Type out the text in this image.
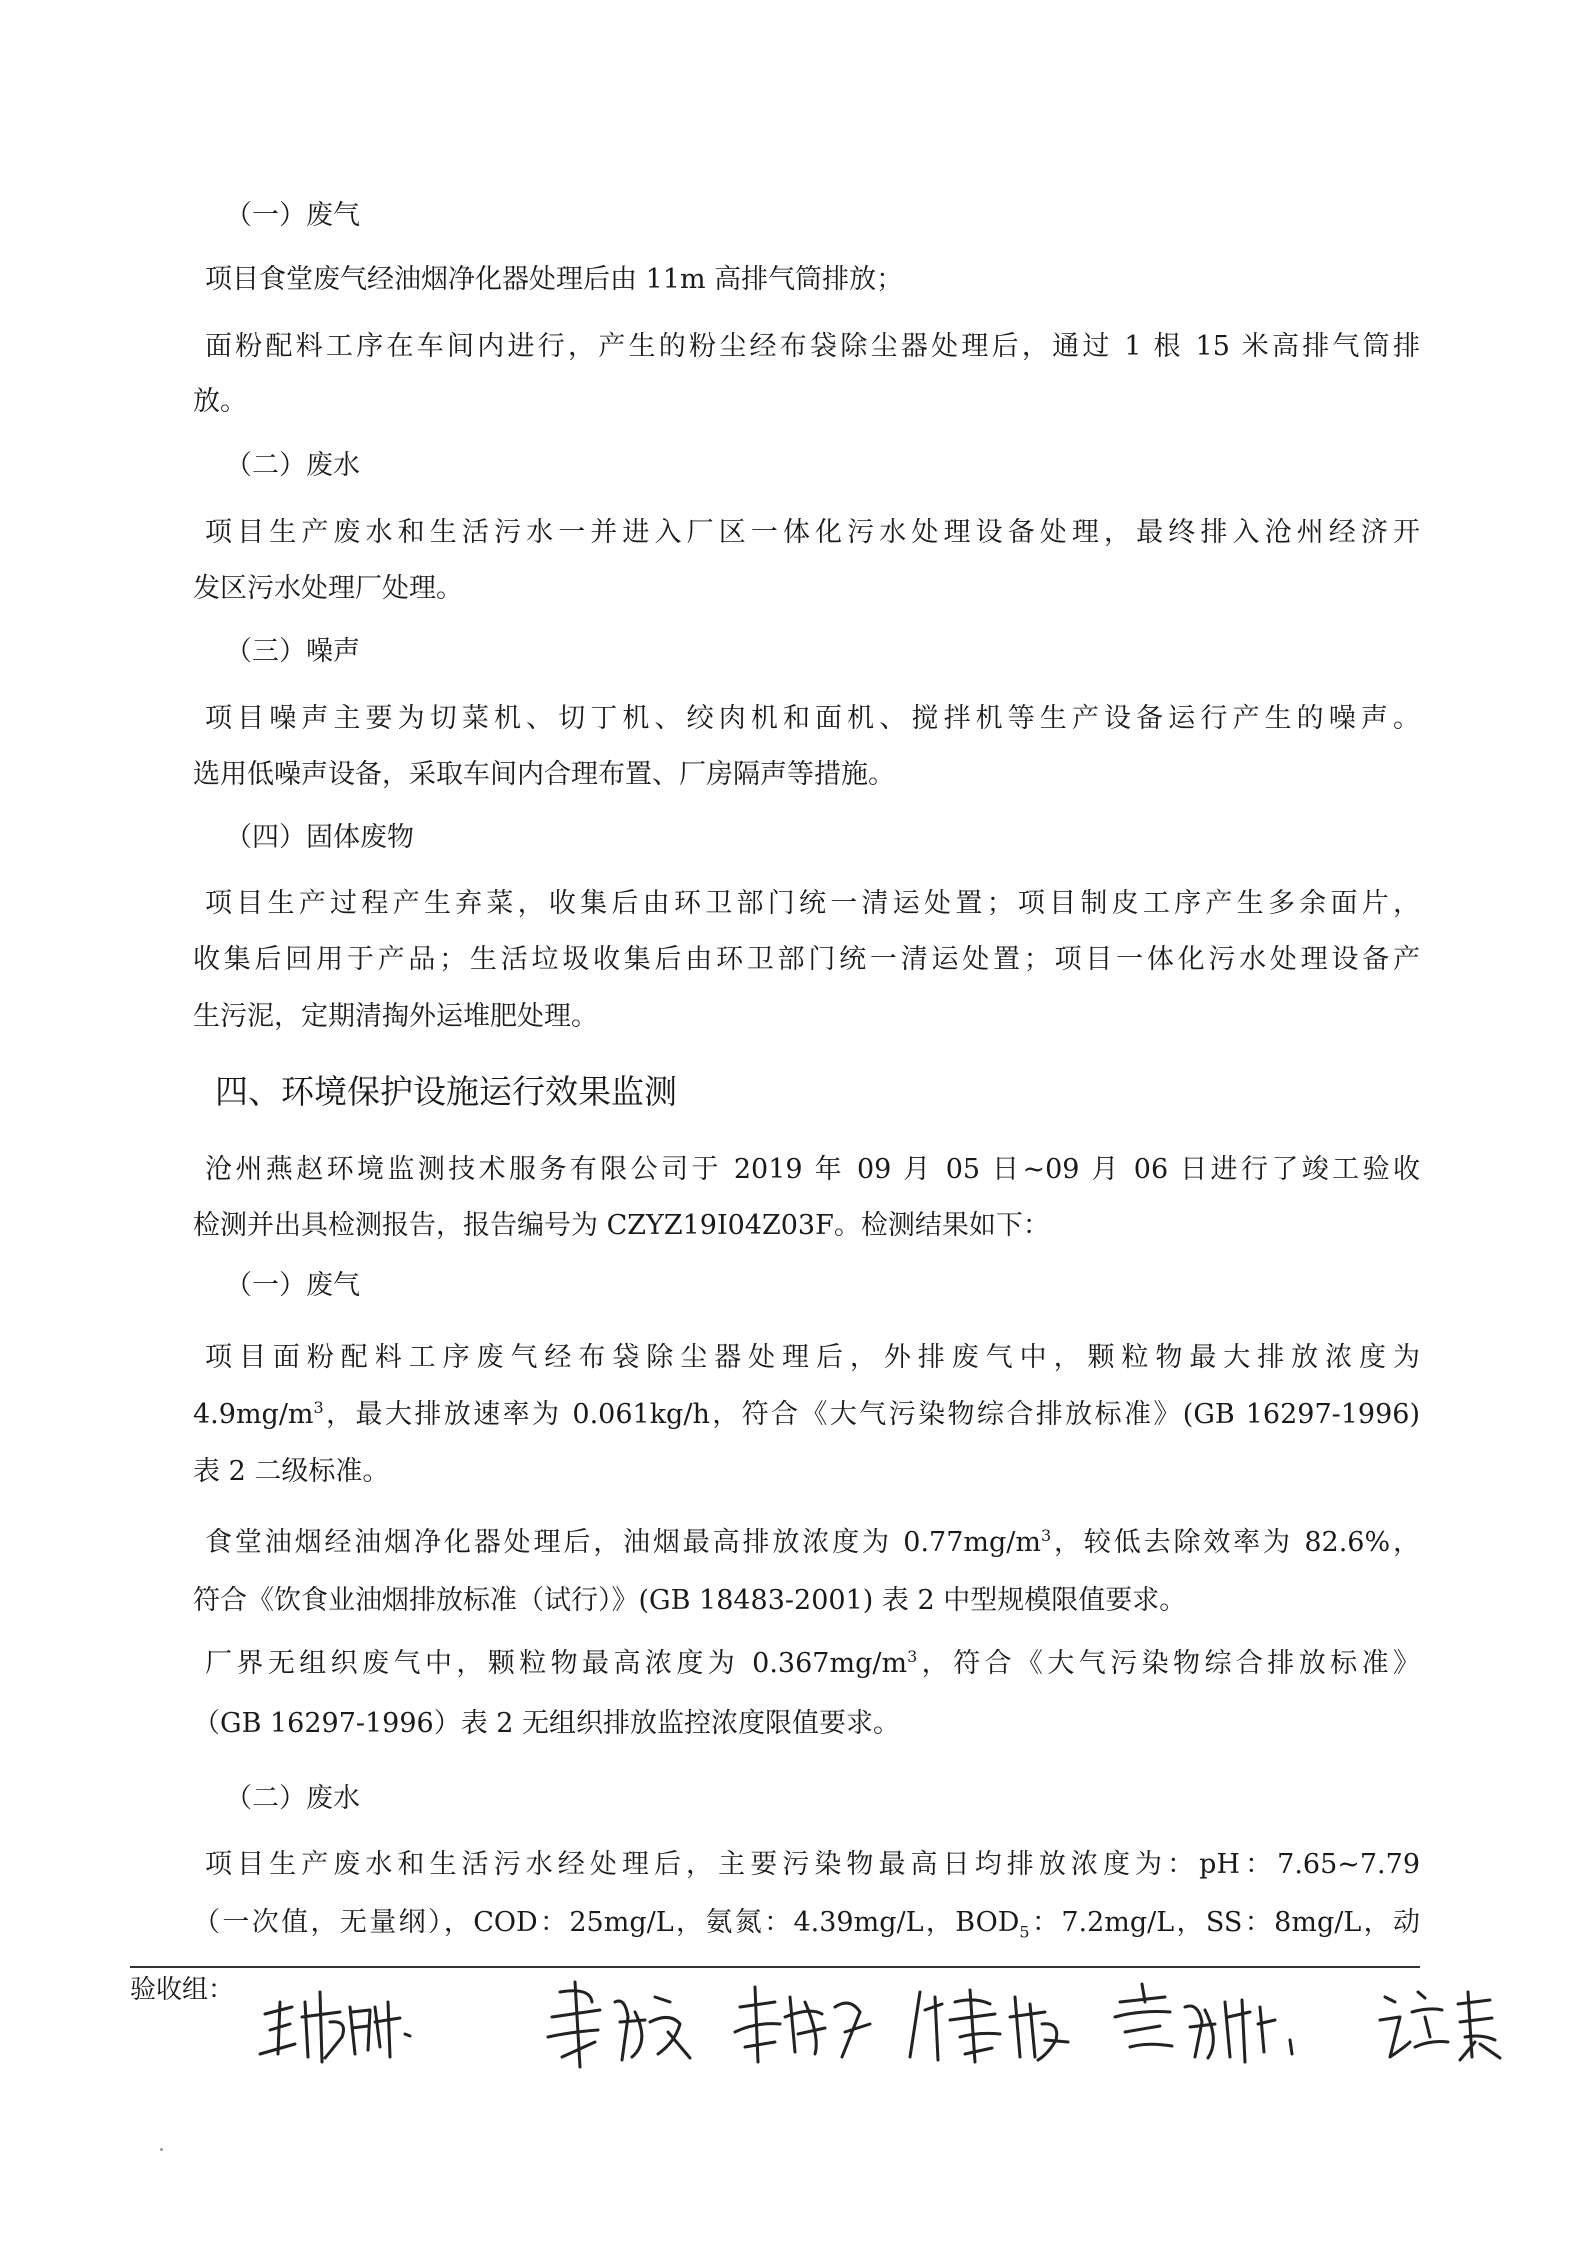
（一）废气
项目食堂废气经油烟净化器处理后由 11m 高排气筒排放；
面粉配料工序在车间内进行，产生的粉尘经布袋除尘器处理后，通过 1 根 15 米高排气筒排
放。
（二）废水
项目生产废水和生活污水一并进入厂区一体化污水处理设备处理，最终排入沧州经济开
发区污水处理厂处理。
（三）噪声
项目噪声主要为切菜机、切丁机、绞肉机和面机、搅拌机等生产设备运行产生的噪声。
选用低噪声设备，采取车间内合理布置、厂房隔声等措施。
（四）固体废物
项目生产过程产生弃菜，收集后由环卫部门统一清运处置；项目制皮工序产生多余面片，
收集后回用于产品；生活垃圾收集后由环卫部门统一清运处置；项目一体化污水处理设备产
生污泥，定期清掏外运堆肥处理。
四、环境保护设施运行效果监测
沧州燕赵环境监测技术服务有限公司于 2019 年 09 月 05 日~09 月 06 日进行了竣工验收
检测并出具检测报告，报告编号为 CZYZ19I04Z03F。检测结果如下：
（一）废气
项目面粉配料工序废气经布袋除尘器处理后，外排废气中，颗粒物最大排放浓度为
$4.9mg/m^3$，最大排放速率为 0.061kg/h，符合《大气污染物综合排放标准》(GB 16297-1996)
表 2 二级标准。
食堂油烟经油烟净化器处理后，油烟最高排放浓度为 $0.77mg/m^3$，较低去除效率为 82.6%，
符合《饮食业油烟排放标准（试行）》(GB 18483-2001) 表 2 中型规模限值要求。
厂界无组织废气中，颗粒物最高浓度为 $0.367mg/m^3$，符合《大气污染物综合排放标准》
（GB 16297-1996）表 2 无组织排放监控浓度限值要求。
（二）废水
项目生产废水和生活污水经处理后，主要污染物最高日均排放浓度为：pH：7.65~7.79
（一次值，无量纲），COD：25mg/L，氨氮：4.39mg/L，$BOD_5$：7.2mg/L，SS：8mg/L，动
验收组：
